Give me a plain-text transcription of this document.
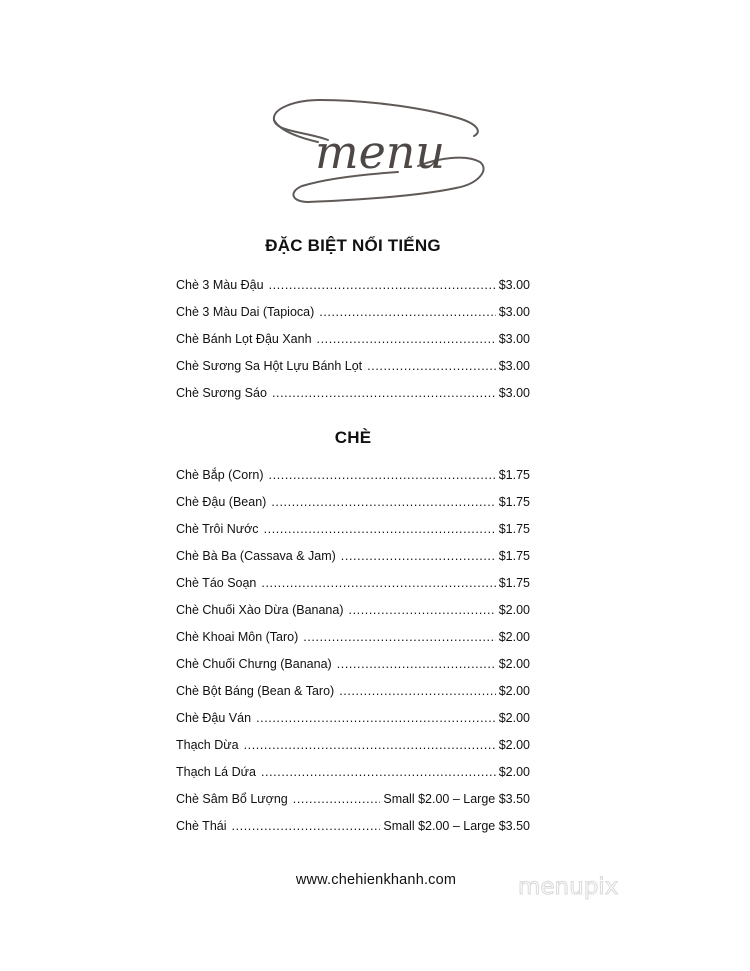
menu
ĐẶC BIỆT NỔI TIẾNG
Chè 3 Màu Đậu .....	$3.00
Chè 3 Màu Dai (Tapioca) .....	$3.00
Chè Bánh Lọt Đậu Xanh .....	$3.00
Chè Sương Sa Hột Lựu Bánh Lọt .....	$3.00
Chè Sương Sáo .....	$3.00
CHÈ
Chè Bắp (Corn) .....	$1.75
Chè Đậu (Bean) .....	$1.75
Chè Trôi Nước .....	$1.75
Chè Bà Ba (Cassava & Jam) .....	$1.75
Chè Táo Soạn .....	$1.75
Chè Chuối Xào Dừa (Banana) .....	$2.00
Chè Khoai Môn (Taro) .....	$2.00
Chè Chuối Chưng (Banana) .....	$2.00
Chè Bột Báng (Bean & Taro) .....	$2.00
Chè Đậu Ván .....	$2.00
Thạch Dừa .....	$2.00
Thạch Lá Dứa .....	$2.00
Chè Sâm Bổ Lượng .....	Small $2.00 – Large $3.50
Chè Thái .....	Small $2.00 – Large $3.50
www.chehienkhanh.com	menupix
